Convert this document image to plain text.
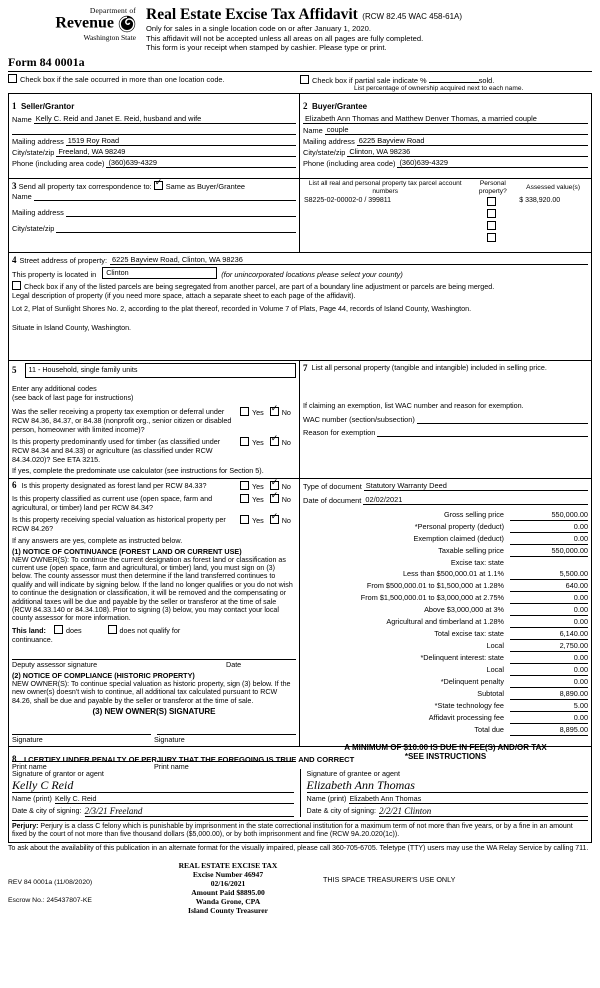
Department of
Revenue
Washington State
Real Estate Excise Tax Affidavit (RCW 82.45 WAC 458-61A)
Only for sales in a single location code on or after January 1, 2020.
This affidavit will not be accepted unless all areas on all pages are fully completed.
This form is your receipt when stamped by cashier. Please type or print.
Form 84 0001a
Check box if the sale occurred in more than one location code.	Check box if partial sale indicate %	sold.
List percentage of ownership acquired next to each name.
1 Seller/Grantor
Name Kelly C. Reid and Janet E. Reid, husband and wife

Mailing address 1519 Roy Road
City/state/zip Freeland, WA 98249
Phone (including area code) (360)639-4329

2 Buyer/Grantee
Elizabeth Ann Thomas and Matthew Denver Thomas, a married couple
Name couple
Mailing address 6225 Bayview Road
City/state/zip Clinton, WA 98236
Phone (including area code) (360)639-4329
3 Send all property tax correspondence to: ✓ Same as Buyer/Grantee
Name
Mailing address
City/state/zip

List all real and personal property tax parcel account numbers	Personal property?	Assessed value(s)
S8225-02-00002-0 / 399811		$ 338,920.00

4 Street address of property: 6225 Bayview Road, Clinton, WA 98236
This property is located in	Clinton	(for unincorporated locations please select your county)
Check box if any of the listed parcels are being segregated from another parcel, are part of a boundary line adjustment or parcels are being merged.
Legal description of property (if you need more space, attach a separate sheet to each page of the affidavit).
Lot 2, Plat of Sunlight Shores No. 2, according to the plat thereof, recorded in Volume 7 of Plats, Page 44, records of Island County, Washington.
Situate in Island County, Washington.
5	11 - Household, single family units
Enter any additional codes
(see back of last page for instructions)
Was the seller receiving a property tax exemption or deferral under RCW 84.36, 84.37, or 84.38 (nonprofit org., senior citizen or disabled person, homeowner with limited income)?
Yes ✓	No
Is this property predominantly used for timber (as classified under RCW 84.34 and 84.33) or agriculture (as classified under RCW 84.34.020)? See ETA 3215.
Yes ✓	No
If yes, complete the predominate use calculator (see instructions for Section 5).

7 List all personal property (tangible and intangible) included in selling price.
If claiming an exemption, list WAC number and reason for exemption.
WAC number (section/subsection)
Reason for exemption
6 Is this property designated as forest land per RCW 84.33?	Yes ✓	No
Is this property classified as current use (open space, farm and agricultural, or timber) land per RCW 84.34?
Yes ✓	No
Is this property receiving special valuation as historical property per RCW 84.26?
Yes ✓	No
If any answers are yes, complete as instructed below.
(1) NOTICE OF CONTINUANCE (FOREST LAND OR CURRENT USE)
NEW OWNER(S): To continue the current designation as forest land or classification as current use (open space, farm and agricultural, or timber) land, you must sign on (3) below. The county assessor must then determine if the land transferred continues to qualify and will indicate by signing below. If the land no longer qualifies or you do not wish to continue the designation or classification, it will be removed and the compensating or additional taxes will be due and payable by the seller or transferor at the time of sale (RCW 84.33.140 or 84.34.108). Prior to signing (3) below, you may contact your local county assessor for more information.
This land:	does	does not qualify for
continuance.
Deputy assessor signature	Date
(2) NOTICE OF COMPLIANCE (HISTORIC PROPERTY)
NEW OWNER(S): To continue special valuation as historic property, sign (3) below. If the new owner(s) doesn't wish to continue, all additional tax calculated pursuant to RCW 84.26, shall be due and payable by the seller or transferor at the time of sale.
(3) NEW OWNER(S) SIGNATURE
Signature	Signature
Print name	Print name

Type of document Statutory Warranty Deed
Date of document 02/02/2021
Gross selling price	550,000.00
*Personal property (deduct)	0.00
Exemption claimed (deduct)	0.00
Taxable selling price	550,000.00
Excise tax: state
Less than $500,000.01 at 1.1%	5,500.00
From $500,000.01 to $1,500,000 at 1.28%	640.00
From $1,500,000.01 to $3,000,000 at 2.75%	0.00
Above $3,000,000 at 3%	0.00
Agricultural and timberland at 1.28%	0.00
Total excise tax: state	6,140.00
Local	2,750.00
*Delinquent interest: state	0.00
Local	0.00
*Delinquent penalty	0.00
Subtotal	8,890.00
*State technology fee	5.00
Affidavit processing fee	0.00
Total due	8,895.00
A MINIMUM OF $10.00 IS DUE IN FEE(S) AND/OR TAX
*SEE INSTRUCTIONS
8 I CERTIFY UNDER PENALTY OF PERJURY THAT THE FOREGOING IS TRUE AND CORRECT
Signature of grantor or agent
Kelly C Reid
Name (print) Kelly C. Reid
Date & city of signing: 2/3/21 Freeland
Signature of grantee or agent
Elizabeth Ann Thomas
Name (print) Elizabeth Ann Thomas
Date & city of signing: 2/2/21 Clinton
Perjury: Perjury is a class C felony which is punishable by imprisonment in the state correctional institution for a maximum term of not more than five years, or by a fine in an amount fixed by the court of not more than five thousand dollars ($5,000.00), or by both imprisonment and fine (RCW 9A.20.020(1c)).
To ask about the availability of this publication in an alternate format for the visually impaired, please call 360-705-6705. Teletype (TTY) users may use the WA Relay Service by calling 711.
REV 84 0001a (11/08/2020)
Escrow No.: 245437807-KE
THIS SPACE TREASURER'S USE ONLY
REAL ESTATE EXCISE TAX
Excise Number 46947
02/16/2021
Amount Paid $8895.00
Wanda Grone, CPA
Island County Treasurer
